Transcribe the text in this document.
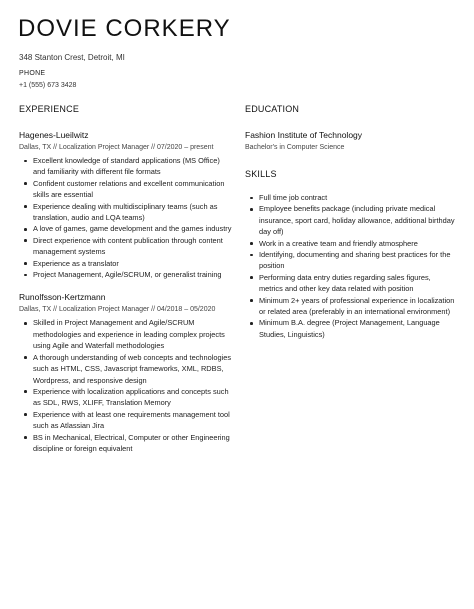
DOVIE CORKERY
348 Stanton Crest, Detroit, MI
PHONE
+1 (555) 673 3428
EXPERIENCE
Hagenes-Lueilwitz
Dallas, TX // Localization Project Manager // 07/2020 – present
Excellent knowledge of standard applications (MS Office) and familiarity with different file formats
Confident customer relations and excellent communication skills are essential
Experience dealing with multidisciplinary teams (such as translation, audio and LQA teams)
A love of games, game development and the games industry
Direct experience with content publication through content management systems
Experience as a translator
Project Management, Agile/SCRUM, or generalist training
Runolfsson-Kertzmann
Dallas, TX // Localization Project Manager // 04/2018 – 05/2020
Skilled in Project Management and Agile/SCRUM methodologies and experience in leading complex projects using Agile and Waterfall methodologies
A thorough understanding of web concepts and technologies such as HTML, CSS, Javascript frameworks, XML, RDBS, Wordpress, and responsive design
Experience with localization applications and concepts such as SDL, RWS, XLIFF, Translation Memory
Experience with at least one requirements management tool such as Atlassian Jira
BS in Mechanical, Electrical, Computer or other Engineering discipline or foreign equivalent
EDUCATION
Fashion Institute of Technology
Bachelor's in Computer Science
SKILLS
Full time job contract
Employee benefits package (including private medical insurance, sport card, holiday allowance, additional birthday day off)
Work in a creative team and friendly atmosphere
Identifying, documenting and sharing best practices for the position
Performing data entry duties regarding sales figures, metrics and other key data related with position
Minimum 2+ years of professional experience in localization or related area (preferably in an international environment)
Minimum B.A. degree (Project Management, Language Studies, Linguistics)
